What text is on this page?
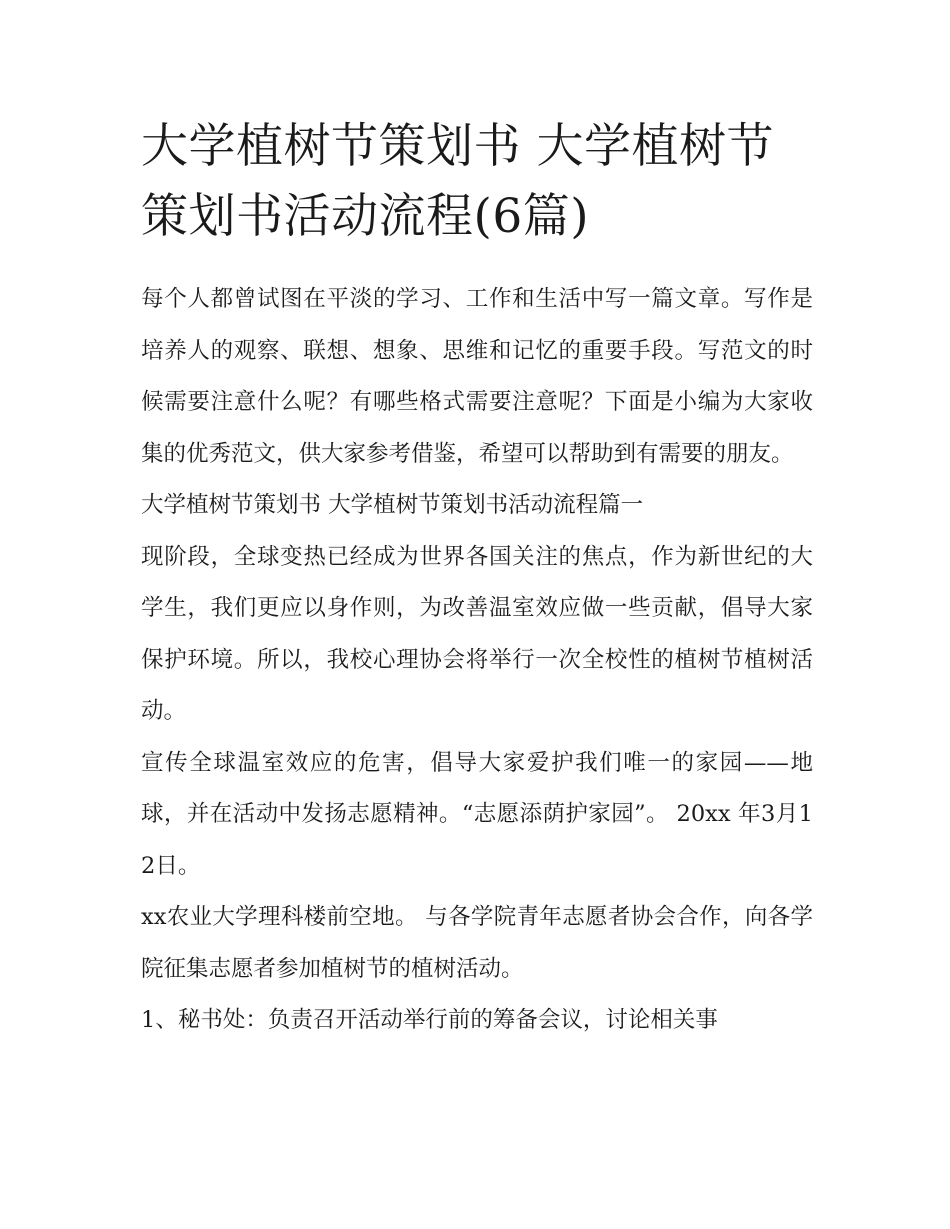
大学植树节策划书 大学植树节策划书活动流程(6篇)

每个人都曾试图在平淡的学习、工作和生活中写一篇文章。写作是培养人的观察、联想、想象、思维和记忆的重要手段。写范文的时候需要注意什么呢？有哪些格式需要注意呢？下面是小编为大家收集的优秀范文，供大家参考借鉴，希望可以帮助到有需要的朋友。

大学植树节策划书 大学植树节策划书活动流程篇一

现阶段，全球变热已经成为世界各国关注的焦点，作为新世纪的大学生，我们更应以身作则，为改善温室效应做一些贡献，倡导大家保护环境。所以，我校心理协会将举行一次全校性的植树节植树活动。

宣传全球温室效应的危害，倡导大家爱护我们唯一的家园——地球，并在活动中发扬志愿精神。“志愿添荫护家园”。 20xx 年3月12日。

xx农业大学理科楼前空地。 与各学院青年志愿者协会合作，向各学院征集志愿者参加植树节的植树活动。

1、秘书处：负责召开活动举行前的筹备会议，讨论相关事
